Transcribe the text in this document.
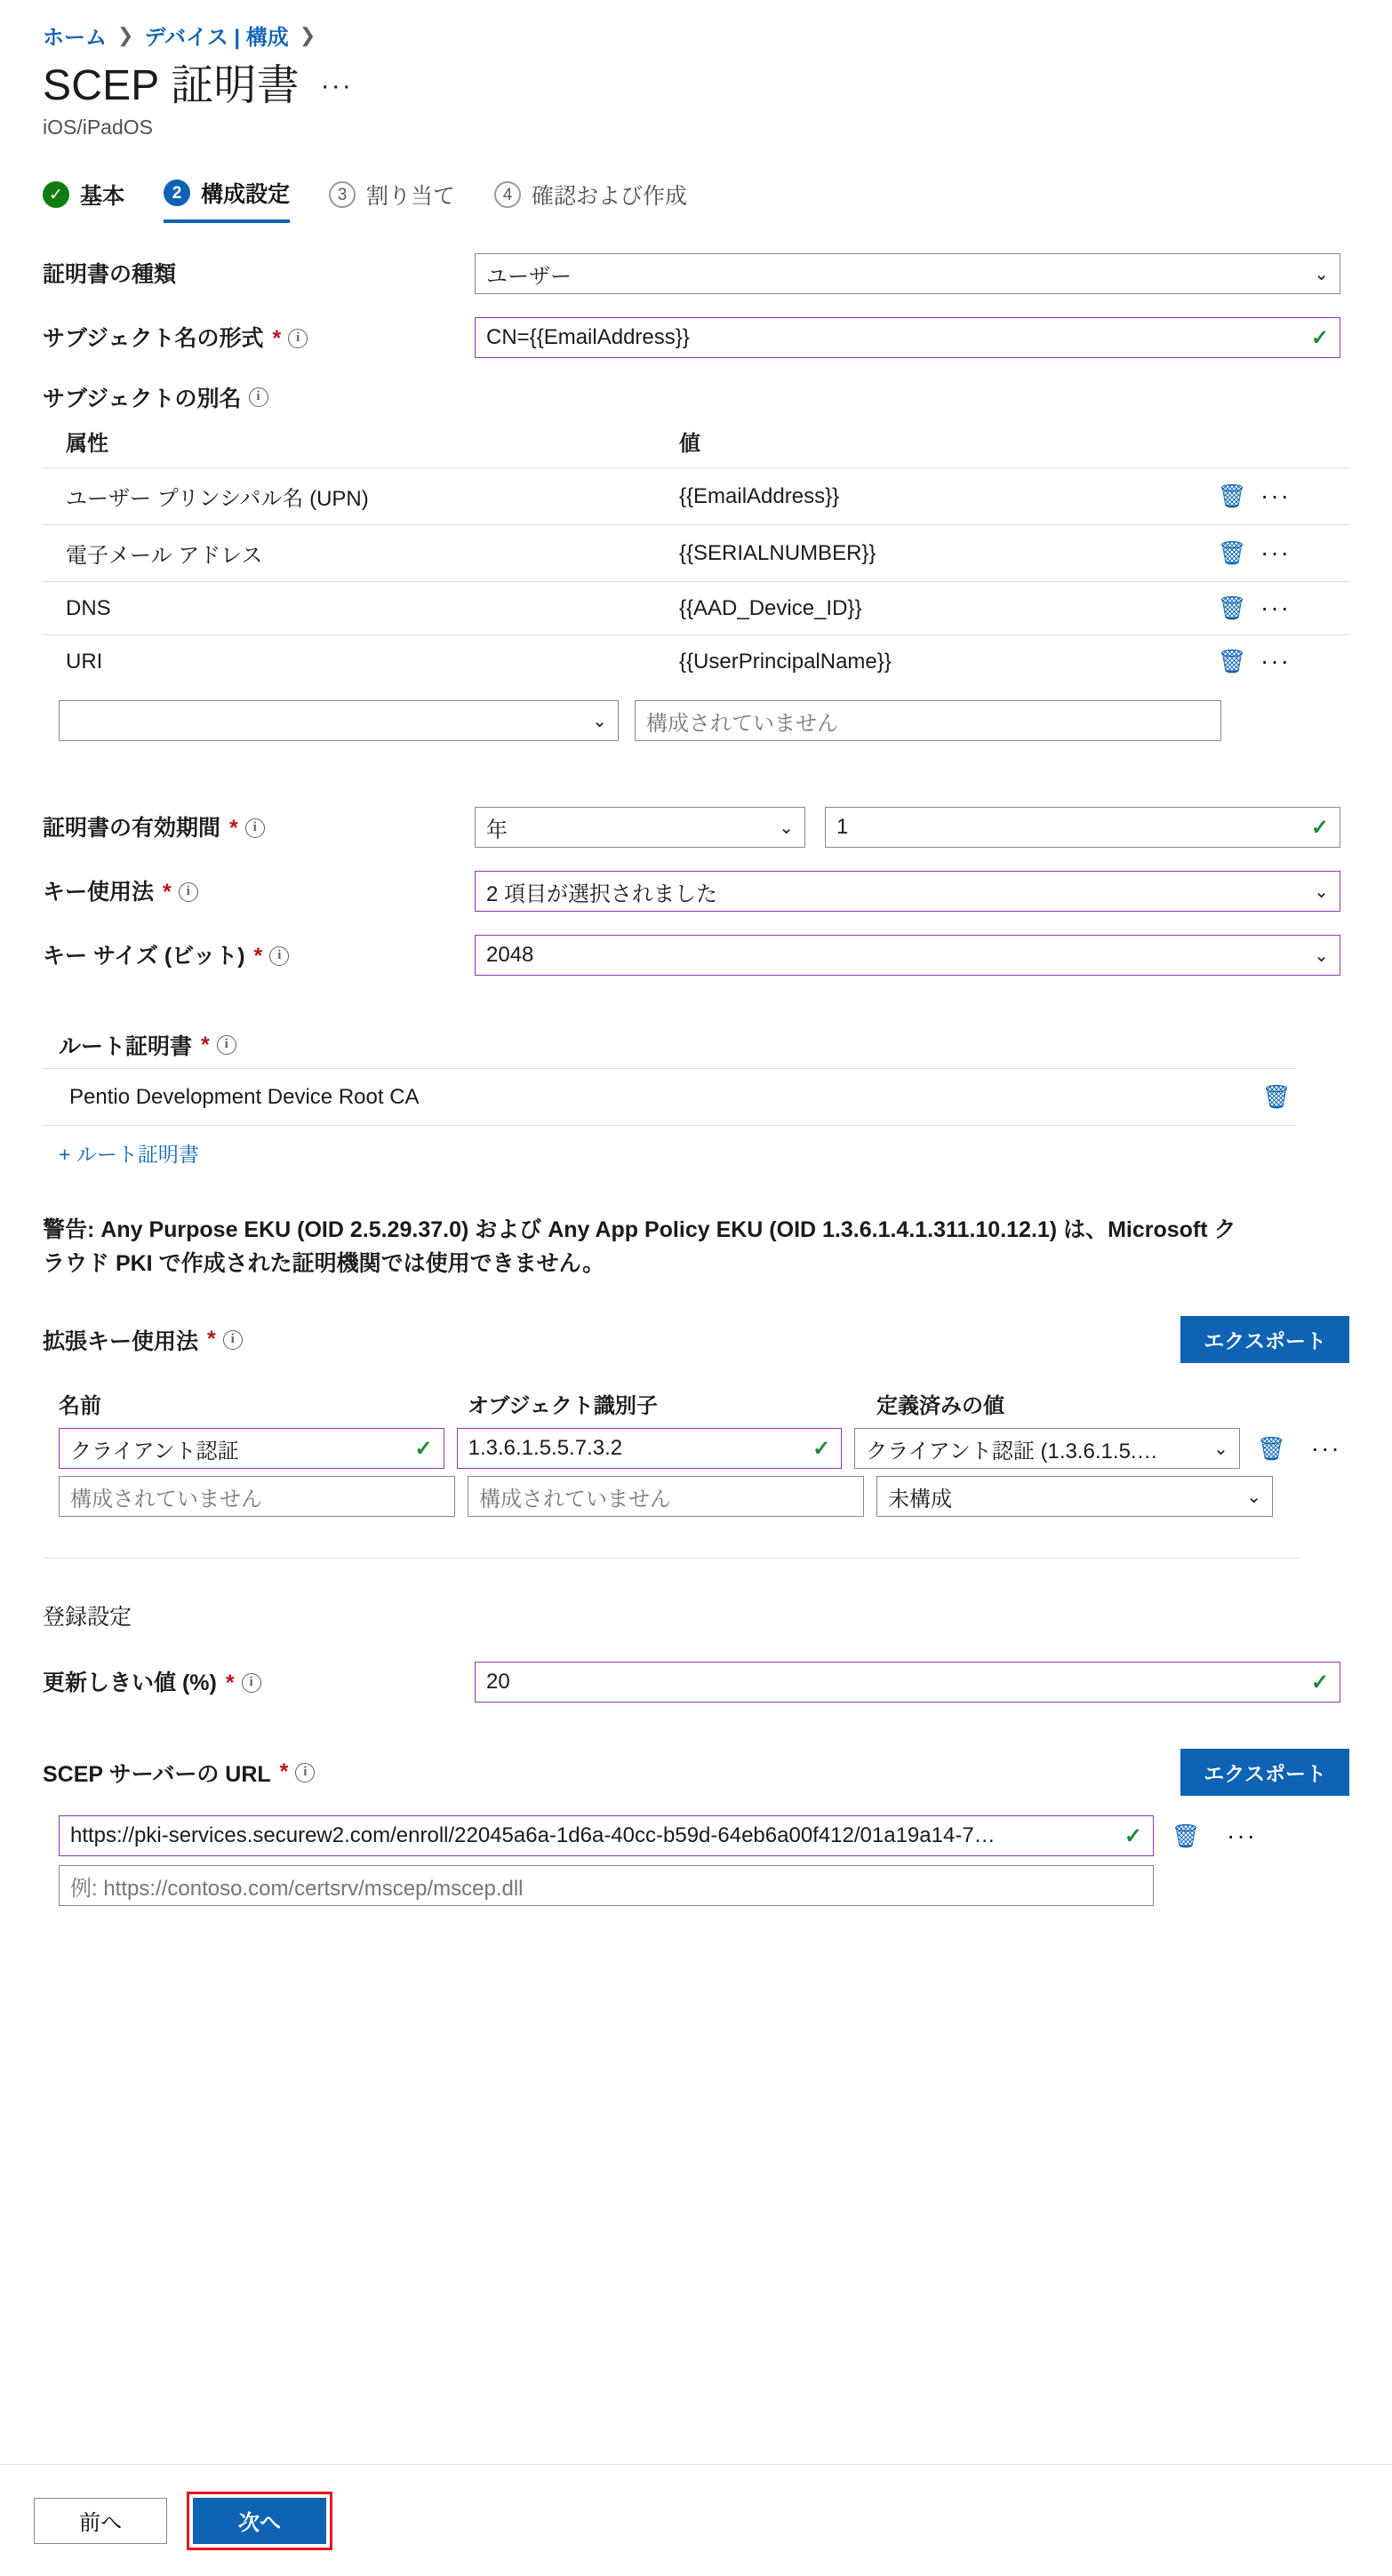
ホーム ❯ デバイス | 構成 ❯
SCEP 証明書 ···
iOS/iPadOS
✓ 基本	2 構成設定	3 割り当て	4 確認および作成
証明書の種類	ユーザー	⌄
サブジェクト名の形式 *	i	CN={{EmailAddress}}	✓
サブジェクトの別名	i
属性	値
ユーザー プリンシパル名 (UPN)	{{EmailAddress}}	🗑 ···
電子メール アドレス	{{SERIALNUMBER}}	🗑 ···
DNS	{{AAD_Device_ID}}	🗑 ···
URI	{{UserPrincipalName}}	🗑 ···
⌄ 構成されていません
証明書の有効期間 *	i	年	⌄ 1	✓
キー使用法 *	i	2 項目が選択されました	⌄
キー サイズ (ビット) *	i	2048	⌄
ルート証明書 *	i
Pentio Development Device Root CA	🗑
+ ルート証明書
警告: Any Purpose EKU (OID 2.5.29.37.0) および Any App Policy EKU (OID 1.3.6.1.4.1.311.10.12.1) は、Microsoft クラウド PKI で作成された証明機関では使用できません。
拡張キー使用法 *	i	エクスポート
名前	オブジェクト識別子	定義済みの値
クライアント認証	✓ 1.3.6.1.5.5.7.3.2	✓ クライアント認証 (1.3.6.1.5.…	⌄ 🗑	···
構成されていません	構成されていません	未構成	⌄
登録設定
更新しきい値 (%) *	i	20	✓
SCEP サーバーの URL *	i	エクスポート
https://pki-services.securew2.com/enroll/22045a6a-1d6a-40cc-b59d-64eb6a00f412/01a19a14-7…	✓ 🗑	···
例: https://contoso.com/certsrv/mscep/mscep.dll
前へ	次へ
